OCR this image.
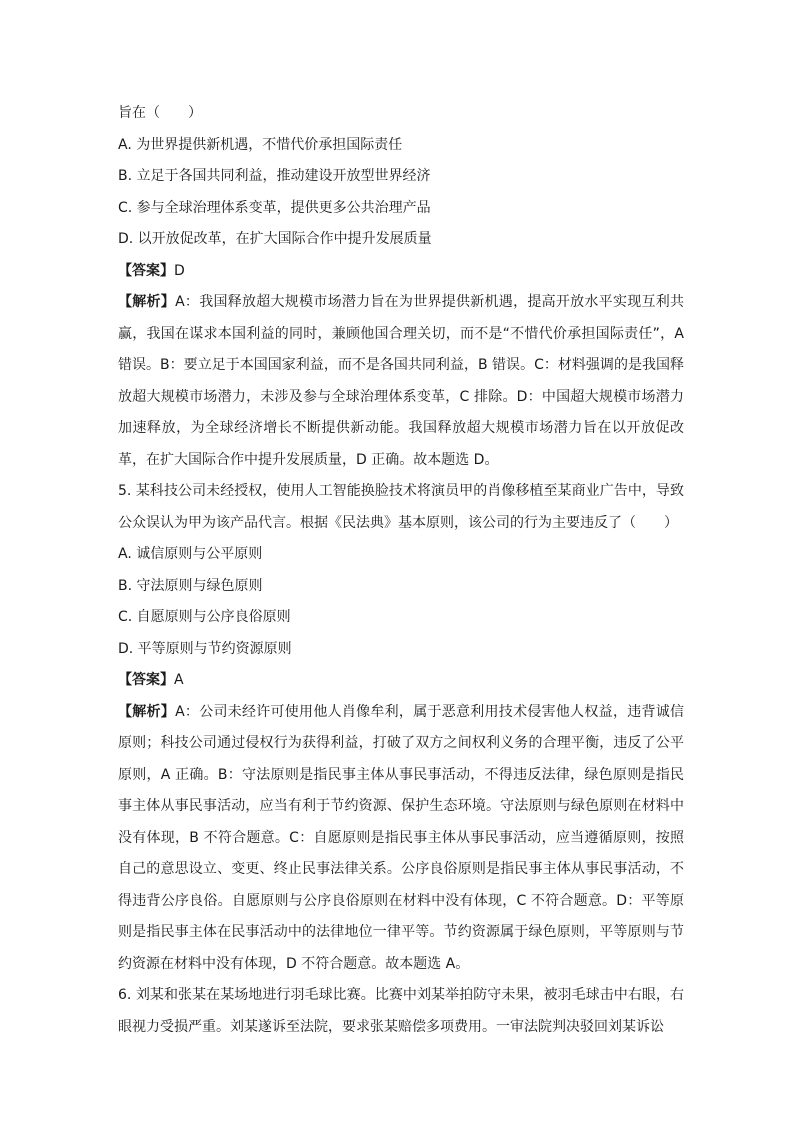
旨在（　　）
A. 为世界提供新机遇，不惜代价承担国际责任
B. 立足于各国共同利益，推动建设开放型世界经济
C. 参与全球治理体系变革，提供更多公共治理产品
D. 以开放促改革，在扩大国际合作中提升发展质量
【答案】D

【解析】A：我国释放超大规模市场潜力旨在为世界提供新机遇，提高开放水平实现互利共赢，我国在谋求本国利益的同时，兼顾他国合理关切，而不是“不惜代价承担国际责任”，A错误。B：要立足于本国国家利益，而不是各国共同利益，B 错误。C：材料强调的是我国释放超大规模市场潜力，未涉及参与全球治理体系变革，C 排除。D：中国超大规模市场潜力加速释放，为全球经济增长不断提供新动能。我国释放超大规模市场潜力旨在以开放促改革，在扩大国际合作中提升发展质量，D 正确。故本题选 D。

5. 某科技公司未经授权，使用人工智能换脸技术将演员甲的肖像移植至某商业广告中，导致公众误认为甲为该产品代言。根据《民法典》基本原则，该公司的行为主要违反了（　　）

A. 诚信原则与公平原则
B. 守法原则与绿色原则
C. 自愿原则与公序良俗原则
D. 平等原则与节约资源原则
【答案】A

【解析】A：公司未经许可使用他人肖像牟利，属于恶意利用技术侵害他人权益，违背诚信原则；科技公司通过侵权行为获得利益，打破了双方之间权利义务的合理平衡，违反了公平原则，A 正确。B：守法原则是指民事主体从事民事活动，不得违反法律，绿色原则是指民事主体从事民事活动，应当有利于节约资源、保护生态环境。守法原则与绿色原则在材料中没有体现，B 不符合题意。C：自愿原则是指民事主体从事民事活动，应当遵循原则，按照自己的意思设立、变更、终止民事法律关系。公序良俗原则是指民事主体从事民事活动，不得违背公序良俗。自愿原则与公序良俗原则在材料中没有体现，C 不符合题意。D：平等原则是指民事主体在民事活动中的法律地位一律平等。节约资源属于绿色原则，平等原则与节约资源在材料中没有体现，D 不符合题意。故本题选 A。

6. 刘某和张某在某场地进行羽毛球比赛。比赛中刘某举拍防守未果，被羽毛球击中右眼，右眼视力受损严重。刘某遂诉至法院，要求张某赔偿多项费用。一审法院判决驳回刘某诉讼
